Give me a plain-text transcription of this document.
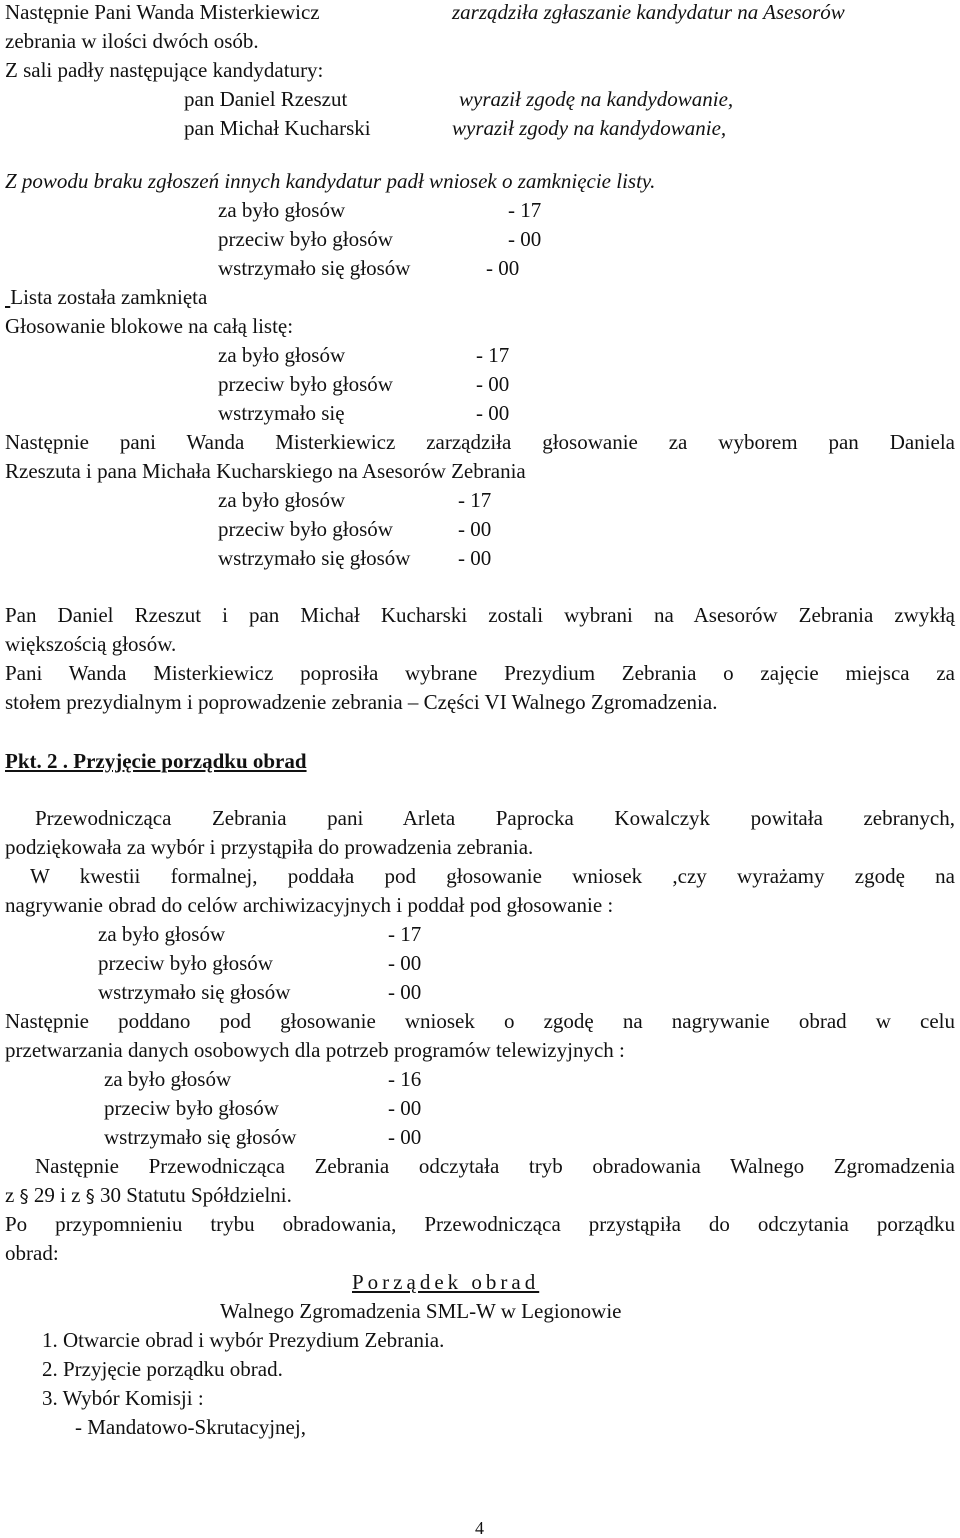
Następnie Pani Wanda Misterkiewicz	zarządziła zgłaszanie kandydatur na Asesorów
zebrania w ilości dwóch osób.
Z sali padły następujące kandydatury:
pan Daniel Rzeszut	wyraził zgodę na kandydowanie,
pan Michał Kucharski	wyraził zgody na kandydowanie,
Z powodu braku zgłoszeń innych kandydatur padł wniosek o zamknięcie listy.
za było głosów	- 17
przeciw było głosów	- 00
wstrzymało się głosów	- 00
Lista została zamknięta
Głosowanie blokowe na całą listę:
za było głosów	- 17
przeciw było głosów	- 00
wstrzymało się	- 00
Następnie pani Wanda Misterkiewicz zarządziła głosowanie za wyborem pan Daniela
Rzeszuta i pana Michała Kucharskiego na Asesorów Zebrania
za było głosów	- 17
przeciw było głosów	- 00
wstrzymało się głosów - 00
Pan Daniel Rzeszut i pan Michał Kucharski zostali wybrani na Asesorów Zebrania zwykłą
większością głosów.
Pani Wanda Misterkiewicz poprosiła wybrane Prezydium Zebrania o zajęcie miejsca za
stołem prezydialnym i poprowadzenie zebrania – Części VI Walnego Zgromadzenia.
Pkt. 2 . Przyjęcie porządku obrad
Przewodnicząca Zebrania pani Arleta Paprocka Kowalczyk powitała zebranych,
podziękowała za wybór i przystąpiła do prowadzenia zebrania.
W kwestii formalnej, poddała pod głosowanie wniosek ,czy wyrażamy zgodę na
nagrywanie obrad do celów archiwizacyjnych i poddał pod głosowanie :
za było głosów	- 17
przeciw było głosów	- 00
wstrzymało się głosów	- 00
Następnie poddano pod głosowanie wniosek o zgodę na nagrywanie obrad w celu
przetwarzania danych osobowych dla potrzeb programów telewizyjnych :
za było głosów	- 16
przeciw było głosów	- 00
wstrzymało się głosów	- 00
Następnie Przewodnicząca Zebrania odczytała tryb obradowania Walnego Zgromadzenia
z § 29 i z § 30 Statutu Spółdzielni.
Po przypomnieniu trybu obradowania, Przewodnicząca przystąpiła do odczytania porządku
obrad:
Porządek obrad
Walnego Zgromadzenia SML-W w Legionowie
1. Otwarcie obrad i wybór Prezydium Zebrania.
2. Przyjęcie porządku obrad.
3. Wybór Komisji :
- Mandatowo-Skrutacyjnej,
4
